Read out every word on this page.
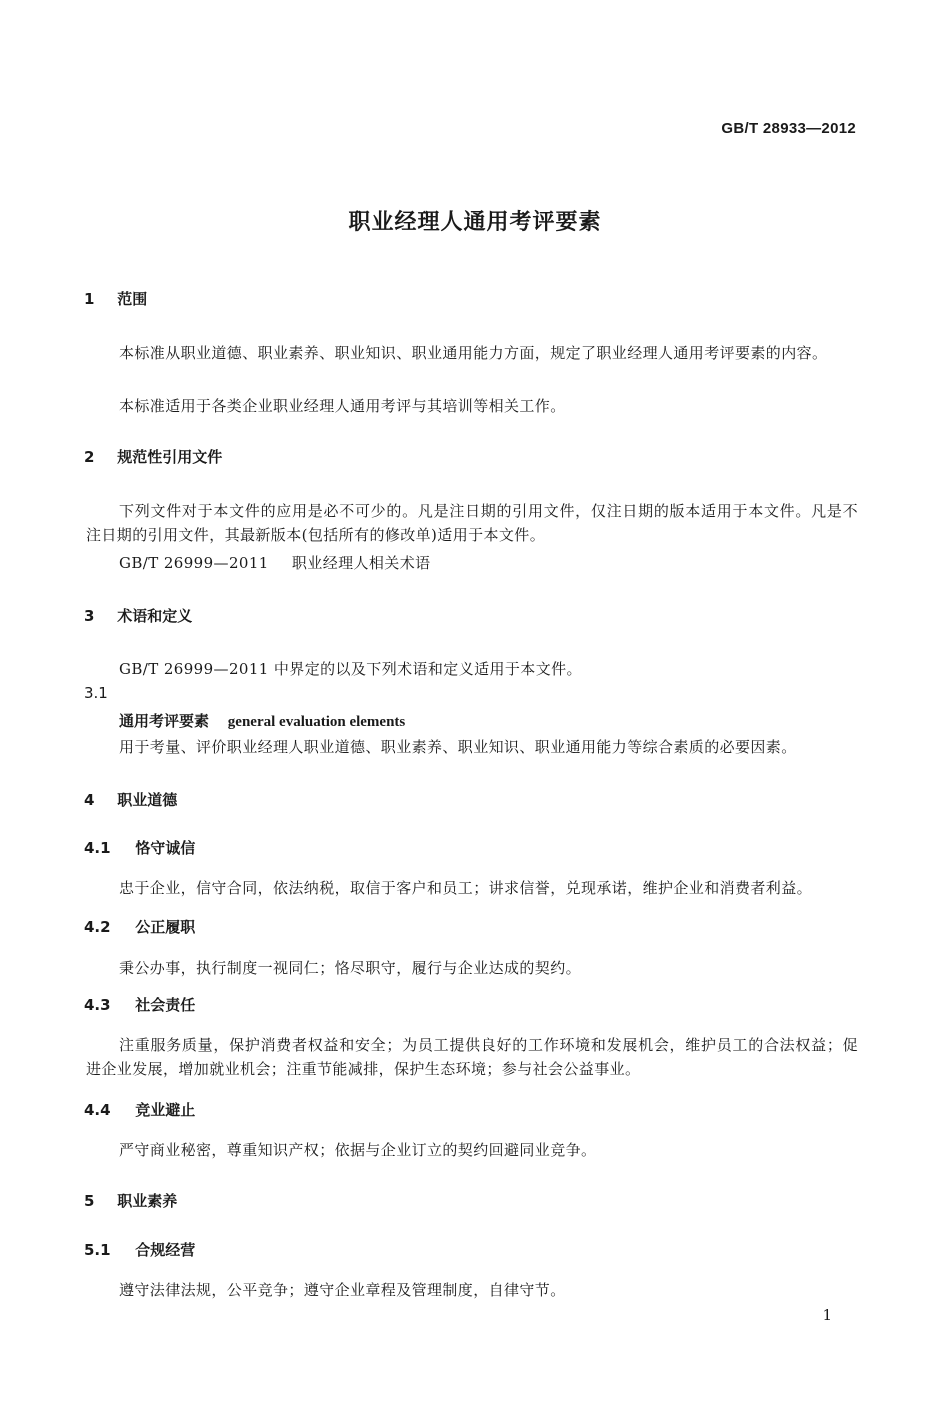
GB/T 28933—2012
职业经理人通用考评要素
1 范围
本标准从职业道德、职业素养、职业知识、职业通用能力方面，规定了职业经理人通用考评要素的内容。
本标准适用于各类企业职业经理人通用考评与其培训等相关工作。
2 规范性引用文件
下列文件对于本文件的应用是必不可少的。凡是注日期的引用文件，仅注日期的版本适用于本文件。凡是不注日期的引用文件，其最新版本(包括所有的修改单)适用于本文件。
GB/T 26999—2011 职业经理人相关术语
3 术语和定义
GB/T 26999—2011 中界定的以及下列术语和定义适用于本文件。
3.1
通用考评要素 general evaluation elements
用于考量、评价职业经理人职业道德、职业素养、职业知识、职业通用能力等综合素质的必要因素。
4 职业道德
4.1 恪守诚信
忠于企业，信守合同，依法纳税，取信于客户和员工；讲求信誉，兑现承诺，维护企业和消费者利益。
4.2 公正履职
秉公办事，执行制度一视同仁；恪尽职守，履行与企业达成的契约。
4.3 社会责任
注重服务质量，保护消费者权益和安全；为员工提供良好的工作环境和发展机会，维护员工的合法权益；促进企业发展，增加就业机会；注重节能减排，保护生态环境；参与社会公益事业。
4.4 竞业避止
严守商业秘密，尊重知识产权；依据与企业订立的契约回避同业竞争。
5 职业素养
5.1 合规经营
遵守法律法规，公平竞争；遵守企业章程及管理制度，自律守节。
1
